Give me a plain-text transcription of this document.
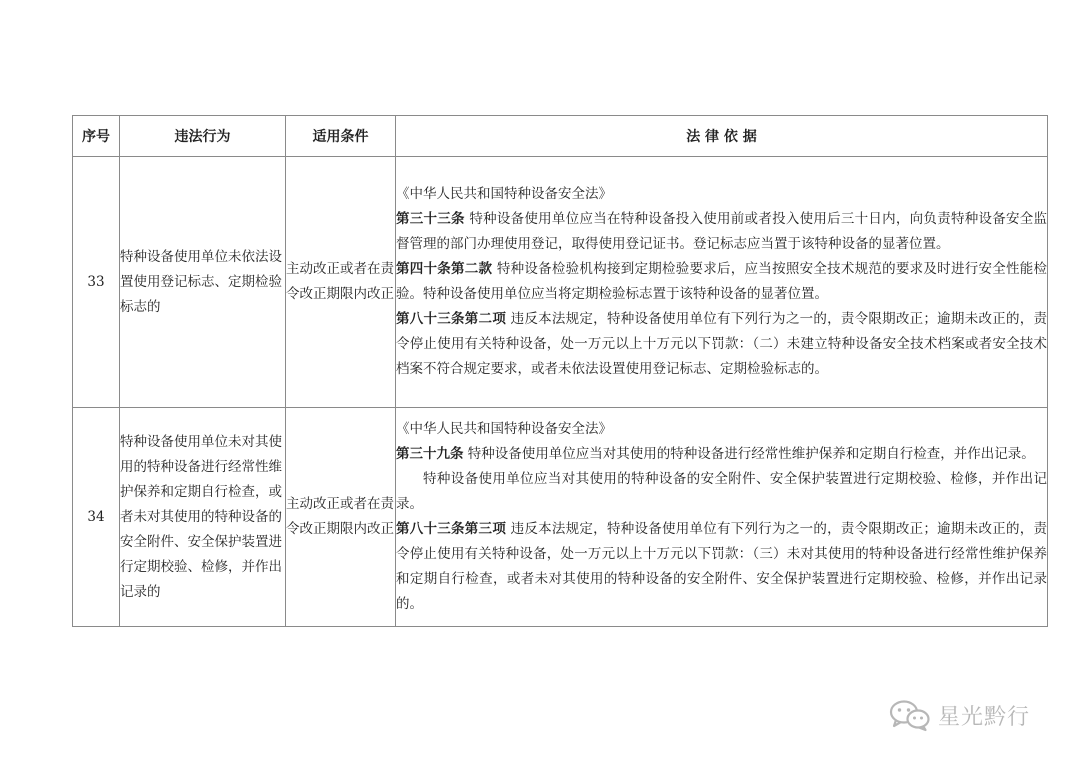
序号	违法行为	适用条件	法 律 依 据
33	特种设备使用单位未依法设置使用登记标志、定期检验标志的	主动改正或者在责令改正期限内改正	《中华人民共和国特种设备安全法》
第三十三条 特种设备使用单位应当在特种设备投入使用前或者投入使用后三十日内，向负责特种设备安全监督管理的部门办理使用登记，取得使用登记证书。登记标志应当置于该特种设备的显著位置。
第四十条第二款 特种设备检验机构接到定期检验要求后，应当按照安全技术规范的要求及时进行安全性能检验。特种设备使用单位应当将定期检验标志置于该特种设备的显著位置。
第八十三条第二项 违反本法规定，特种设备使用单位有下列行为之一的，责令限期改正；逾期未改正的，责令停止使用有关特种设备，处一万元以上十万元以下罚款：（二）未建立特种设备安全技术档案或者安全技术档案不符合规定要求，或者未依法设置使用登记标志、定期检验标志的。

34	特种设备使用单位未对其使用的特种设备进行经常性维护保养和定期自行检查，或者未对其使用的特种设备的安全附件、安全保护装置进行定期校验、检修，并作出记录的	主动改正或者在责令改正期限内改正	《中华人民共和国特种设备安全法》
第三十九条 特种设备使用单位应当对其使用的特种设备进行经常性维护保养和定期自行检查，并作出记录。
特种设备使用单位应当对其使用的特种设备的安全附件、安全保护装置进行定期校验、检修，并作出记录。
第八十三条第三项 违反本法规定，特种设备使用单位有下列行为之一的，责令限期改正；逾期未改正的，责令停止使用有关特种设备，处一万元以上十万元以下罚款：（三）未对其使用的特种设备进行经常性维护保养和定期自行检查，或者未对其使用的特种设备的安全附件、安全保护装置进行定期校验、检修，并作出记录的。
星光黔行
